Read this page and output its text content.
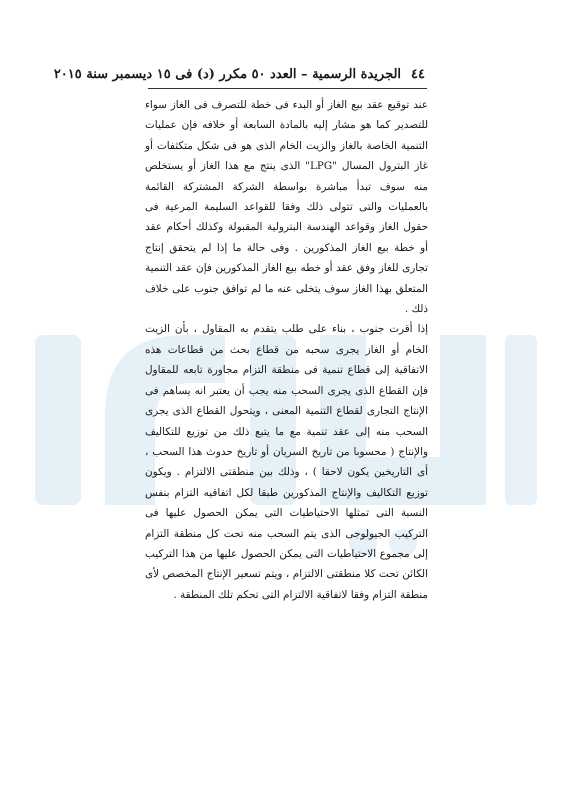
٤٤
الجريدة الرسمية – العدد ٥٠ مكرر (د) فى ١٥ ديسمبر سنة ٢٠١٥

عند توقيع عقد بيع الغاز أو البدء فى خطة للتصرف فى الغاز سواء للتصدير كما هو مشار إليه بالمادة السابعة أو خلافه فإن عمليات التنمية الخاصة بالغاز والزيت الخام الذى هو فى شكل متكثفات أو غاز البترول المسال "LPG" الذى ينتج مع هذا الغاز أو يستخلص منه سوف تبدأ مباشرة بواسطة الشركة المشتركة القائمة بالعمليات والتى تتولى ذلك وفقا للقواعد السليمة المرعية فى حقول الغاز وقواعد الهندسة البترولية المقبولة وكذلك أحكام عقد أو خطة بيع الغاز المذكورين . وفى حالة ما إذا لم يتحقق إنتاج تجارى للغاز وفق عقد أو خطه بيع الغاز المذكورين فإن عقد التنمية المتعلق بهذا الغاز سوف يتخلى عنه ما لم توافق جنوب على خلاف ذلك .

إذا أقرت جنوب ، بناء على طلب يتقدم به المقاول ، بأن الزيت الخام أو الغاز يجرى سحبه من قطاع بحث من قطاعات هذه الاتفاقية إلى قطاع تنمية فى منطقة التزام مجاورة تابعه للمقاول فإن القطاع الذى يجرى السحب منه يجب أن يعتبر انه يساهم فى الإنتاج التجارى لقطاع التنمية المعنى ، ويتحول القطاع الذى يجرى السحب منه إلى عقد تنمية مع ما يتبع ذلك من توزيع للتكاليف والإنتاج ( محسوبا من تاريخ السريان أو تاريخ حدوث هذا السحب ، أى التاريخين يكون لاحقا ) ، وذلك بين منطقتى الالتزام . ويكون توزيع التكاليف والإنتاج المذكورين طبقا لكل اتفاقيه التزام بنفس النسبة التى تمثلها الاحتياطيات التى يمكن الحصول عليها فى التركيب الجيولوجى الذى يتم السحب منه تحت كل منطقة التزام إلى مجموع الاحتياطيات التى يمكن الحصول عليها من هذا التركيب الكائن تحت كلا منطقتى الالتزام ، ويتم تسعير الإنتاج المخصص لأى منطقة التزام وفقا لاتفاقية الالتزام التى تحكم تلك المنطقة .
